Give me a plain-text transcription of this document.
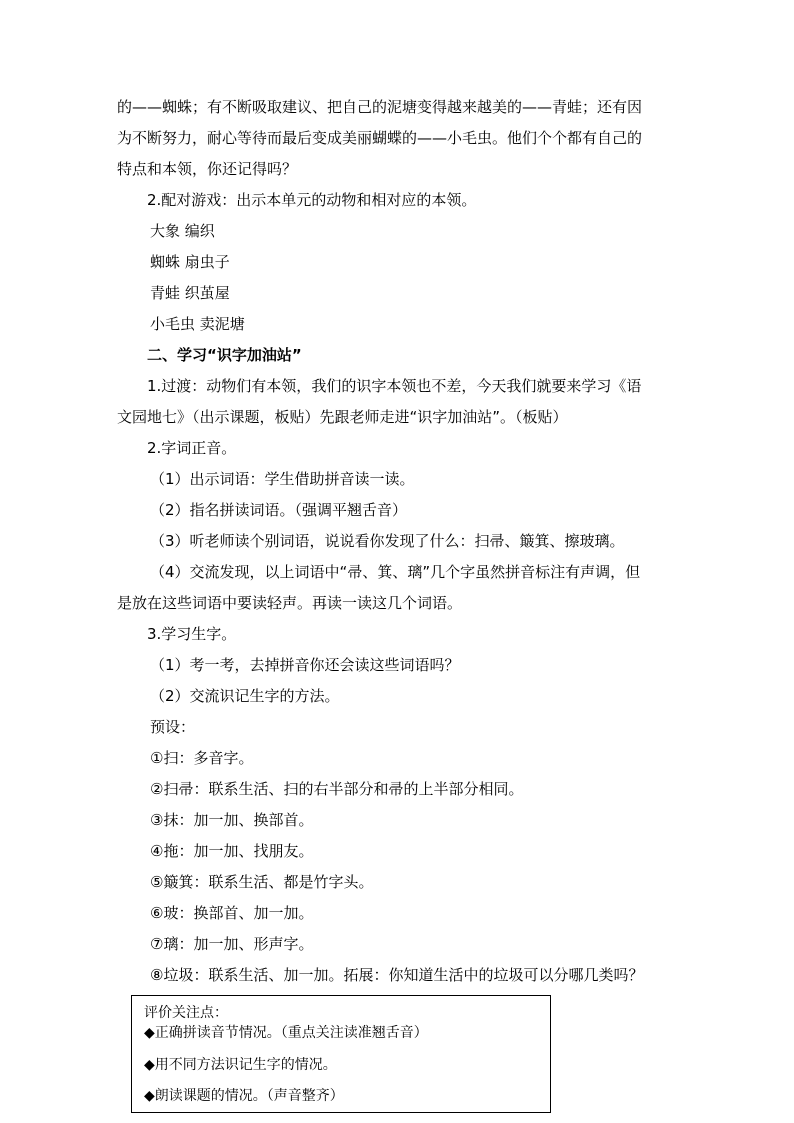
的——蜘蛛；有不断吸取建议、把自己的泥塘变得越来越美的——青蛙；还有因
为不断努力，耐心等待而最后变成美丽蝴蝶的——小毛虫。他们个个都有自己的
特点和本领，你还记得吗？
2.配对游戏：出示本单元的动物和相对应的本领。
大象 编织
蜘蛛 扇虫子
青蛙 织茧屋
小毛虫 卖泥塘
二、学习“识字加油站”
1.过渡：动物们有本领，我们的识字本领也不差，今天我们就要来学习《语
文园地七》（出示课题，板贴）先跟老师走进“识字加油站”。（板贴）
2.字词正音。
（1）出示词语：学生借助拼音读一读。
（2）指名拼读词语。（强调平翘舌音）
（3）听老师读个别词语，说说看你发现了什么：扫帚、簸箕、擦玻璃。
（4）交流发现，以上词语中“帚、箕、璃”几个字虽然拼音标注有声调，但
是放在这些词语中要读轻声。再读一读这几个词语。
3.学习生字。
（1）考一考，去掉拼音你还会读这些词语吗？
（2）交流识记生字的方法。
预设：
①扫：多音字。
②扫帚：联系生活、扫的右半部分和帚的上半部分相同。
③抹：加一加、换部首。
④拖：加一加、找朋友。
⑤簸箕：联系生活、都是竹字头。
⑥玻：换部首、加一加。
⑦璃：加一加、形声字。
⑧垃圾：联系生活、加一加。拓展：你知道生活中的垃圾可以分哪几类吗？
评价关注点：
◆正确拼读音节情况。（重点关注读准翘舌音）
◆用不同方法识记生字的情况。
◆朗读课题的情况。（声音整齐）
